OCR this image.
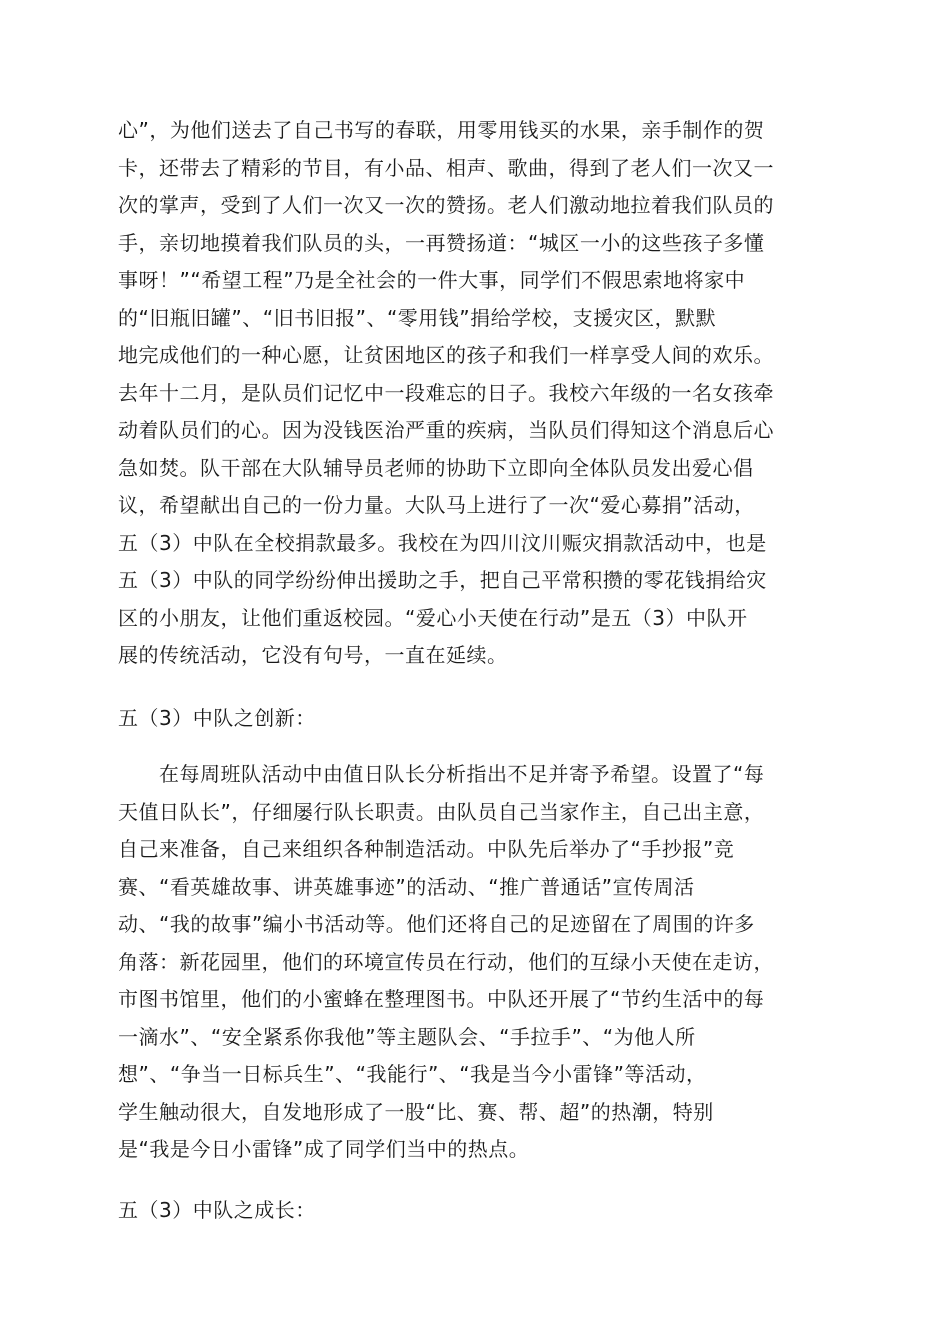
心”，为他们送去了自己书写的春联，用零用钱买的水果，亲手制作的贺
卡，还带去了精彩的节目，有小品、相声、歌曲，得到了老人们一次又一
次的掌声，受到了人们一次又一次的赞扬。老人们激动地拉着我们队员的
手，亲切地摸着我们队员的头，一再赞扬道：“城区一小的这些孩子多懂
事呀！”“希望工程”乃是全社会的一件大事，同学们不假思索地将家中
的“旧瓶旧罐”、“旧书旧报”、“零用钱”捐给学校，支援灾区，默默
地完成他们的一种心愿，让贫困地区的孩子和我们一样享受人间的欢乐。
去年十二月，是队员们记忆中一段难忘的日子。我校六年级的一名女孩牵
动着队员们的心。因为没钱医治严重的疾病，当队员们得知这个消息后心
急如焚。队干部在大队辅导员老师的协助下立即向全体队员发出爱心倡
议，希望献出自己的一份力量。大队马上进行了一次“爱心募捐”活动，
五（3）中队在全校捐款最多。我校在为四川汶川赈灾捐款活动中，也是
五（3）中队的同学纷纷伸出援助之手，把自己平常积攒的零花钱捐给灾
区的小朋友，让他们重返校园。“爱心小天使在行动”是五（3）中队开
展的传统活动，它没有句号，一直在延续。
五（3）中队之创新：
　　在每周班队活动中由值日队长分析指出不足并寄予希望。设置了“每
天值日队长”，仔细屡行队长职责。由队员自己当家作主，自己出主意，
自己来准备，自己来组织各种制造活动。中队先后举办了“手抄报”竞
赛、“看英雄故事、讲英雄事迹”的活动、“推广普通话”宣传周活
动、“我的故事”编小书活动等。他们还将自己的足迹留在了周围的许多
角落：新花园里，他们的环境宣传员在行动，他们的互绿小天使在走访，
市图书馆里，他们的小蜜蜂在整理图书。中队还开展了“节约生活中的每
一滴水”、“安全紧系你我他”等主题队会、“手拉手”、“为他人所
想”、“争当一日标兵生”、“我能行”、“我是当今小雷锋”等活动，
学生触动很大，自发地形成了一股“比、赛、帮、超”的热潮，特别
是“我是今日小雷锋”成了同学们当中的热点。
五（3）中队之成长：
